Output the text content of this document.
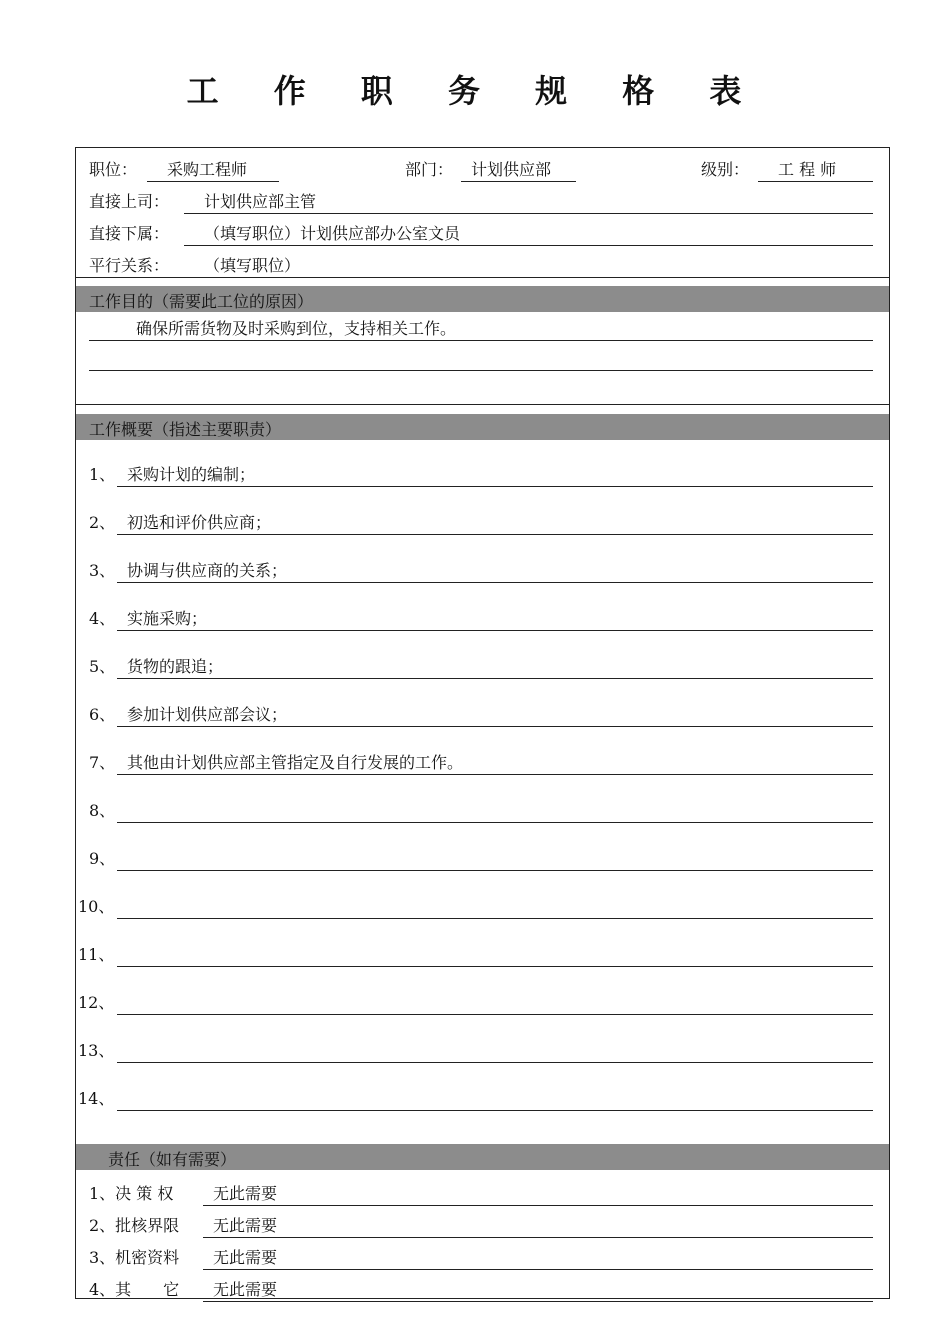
工 作 职 务 规 格 表
职位：	采购工程师	部门：	计划供应部	级别：	工 程 师
直接上司：	计划供应部主管
直接下属：	（填写职位）计划供应部办公室文员
平行关系：	（填写职位）
工作目的（需要此工位的原因）
确保所需货物及时采购到位，支持相关工作。
工作概要（指述主要职责）
1、 采购计划的编制；
2、 初选和评价供应商；
3、 协调与供应商的关系；
4、 实施采购；
5、 货物的跟追；
6、 参加计划供应部会议；
7、 其他由计划供应部主管指定及自行发展的工作。
8、
9、
10、
11、
12、
13、
14、
责任（如有需要）
1、决 策 权	无此需要
2、批核界限	无此需要
3、机密资料	无此需要
4、其　　它	无此需要
